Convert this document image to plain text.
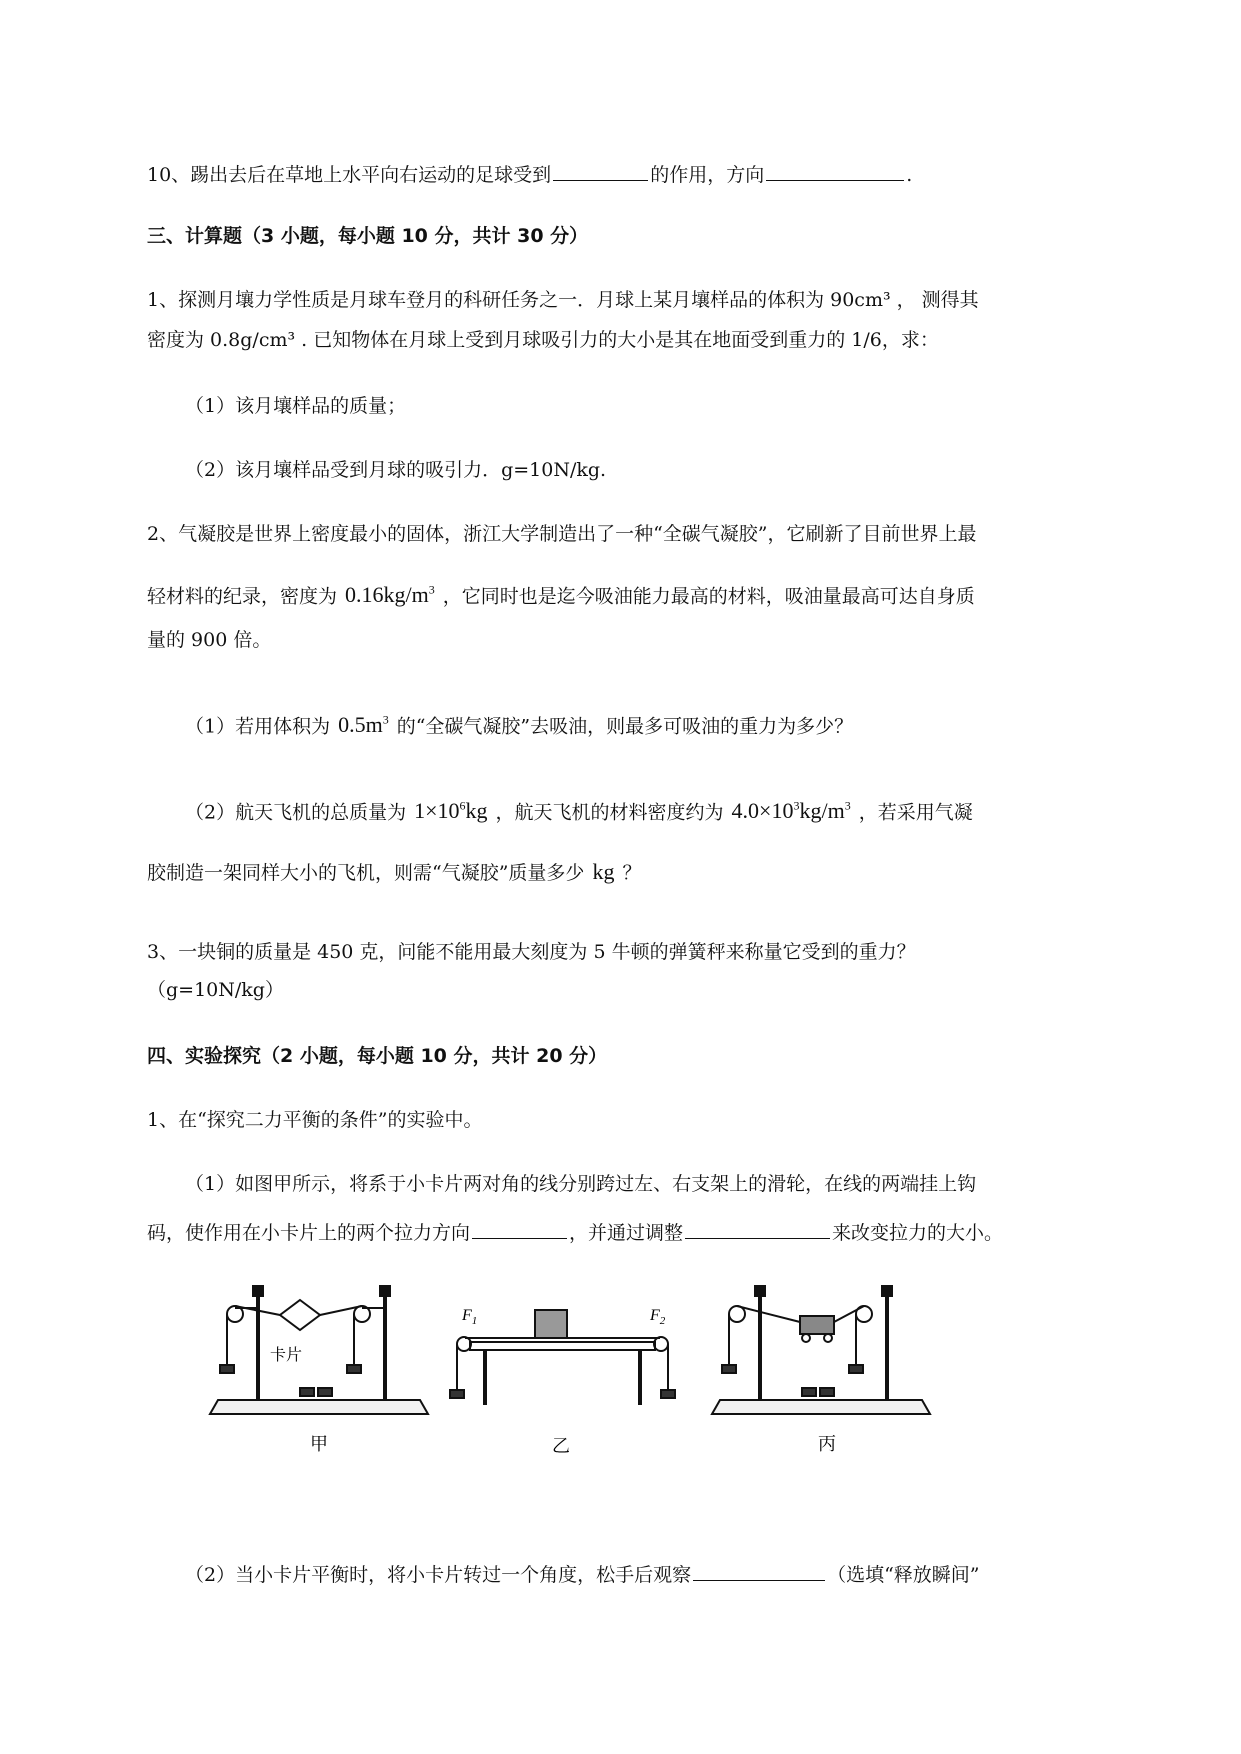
10、踢出去后在草地上水平向右运动的足球受到	的作用，方向	.
三、计算题（3 小题，每小题 10 分，共计 30 分）
1、探测月壤力学性质是月球车登月的科研任务之一．月球上某月壤样品的体积为 90cm³ ， 测得其
密度为 0.8g/cm³ . 已知物体在月球上受到月球吸引力的大小是其在地面受到重力的 1/6，求：
（1）该月壤样品的质量；
（2）该月壤样品受到月球的吸引力．g=10N/kg.
2、气凝胶是世界上密度最小的固体，浙江大学制造出了一种“全碳气凝胶”，它刷新了目前世界上最
轻材料的纪录，密度为 $0.16kg/m^3$ ，它同时也是迄今吸油能力最高的材料，吸油量最高可达自身质
量的 900 倍。
（1）若用体积为 $0.5m^3$ 的“全碳气凝胶”去吸油，则最多可吸油的重力为多少？
（2）航天飞机的总质量为 $1\times 10^6kg$ ，航天飞机的材料密度约为 $4.0\times 10^3kg/m^3$ ，若采用气凝
胶制造一架同样大小的飞机，则需“气凝胶”质量多少 kg ？
3、一块铜的质量是 450 克，问能不能用最大刻度为 5 牛顿的弹簧秤来称量它受到的重力？
（g=10N/kg）
四、实验探究（2 小题，每小题 10 分，共计 20 分）
1、在“探究二力平衡的条件”的实验中。
（1）如图甲所示，将系于小卡片两对角的线分别跨过左、右支架上的滑轮，在线的两端挂上钩
码，使作用在小卡片上的两个拉力方向	，并通过调整	来改变拉力的大小。
卡片
$F_1$	$F_2$
甲	乙	丙
（2）当小卡片平衡时，将小卡片转过一个角度，松手后观察	（选填“释放瞬间”
